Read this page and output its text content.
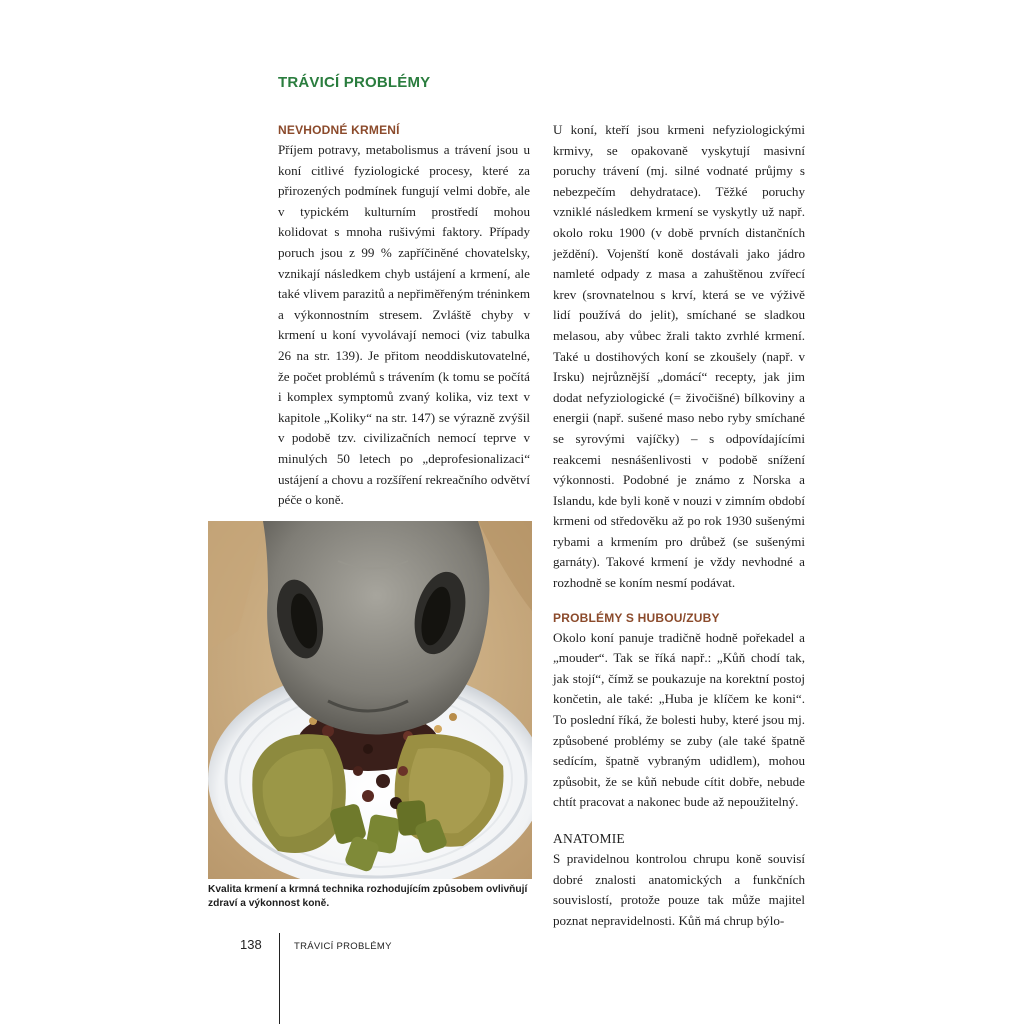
TRÁVICÍ PROBLÉMY
NEVHODNÉ KRMENÍ

Příjem potravy, metabolismus a trávení jsou u koní citlivé fyziologické procesy, které za přirozených podmínek fungují velmi dobře, ale v typickém kulturním prostředí mohou kolidovat s mnoha rušivými faktory. Případy poruch jsou z 99 % zapříčiněné chovatelsky, vznikají následkem chyb ustájení a krmení, ale také vlivem parazitů a nepřiměřeným tréninkem a výkonnostním stresem. Zvláště chyby v krmení u koní vyvolávají nemoci (viz tabulka 26 na str. 139). Je přitom neoddiskutovatelné, že počet problémů s trávením (k tomu se počítá i komplex symptomů zvaný kolika, viz text v kapitole „Koliky“ na str. 147) se výrazně zvýšil v podobě tzv. civilizačních nemocí teprve v minulých 50 letech po „deprofesionalizaci“ ustájení a chovu a rozšíření rekreačního odvětví péče o koně.

Kvalita krmení a krmná technika rozhodujícím způsobem ovlivňují zdraví a výkonnost koně.

U koní, kteří jsou krmeni nefyziologickými krmivy, se opakovaně vyskytují masivní poruchy trávení (mj. silné vodnaté průjmy s nebezpečím dehydratace). Těžké poruchy vzniklé následkem krmení se vyskytly už např. okolo roku 1900 (v době prvních distančních ježdění). Vojenští koně dostávali jako jádro namleté odpady z masa a zahuštěnou zvířecí krev (srovnatelnou s krví, která se ve výživě lidí používá do jelit), smíchané se sladkou melasou, aby vůbec žrali takto zvrhlé krmení. Také u dostihových koní se zkoušely (např. v Irsku) nejrůznější „domácí“ recepty, jak jim dodat nefyziologické (= živočišné) bílkoviny a energii (např. sušené maso nebo ryby smíchané se syrovými vajíčky) – s odpovídajícími reakcemi nesnášenlivosti v podobě snížení výkonnosti. Podobné je známo z Norska a Islandu, kde byli koně v nouzi v zimním období krmeni od středověku až po rok 1930 sušenými rybami a krmením pro drůbež (se sušenými garnáty). Takové krmení je vždy nevhodné a rozhodně se koním nesmí podávat.

PROBLÉMY S HUBOU/ZUBY

Okolo koní panuje tradičně hodně pořekadel a „mouder“. Tak se říká např.: „Kůň chodí tak, jak stojí“, čímž se poukazuje na korektní postoj končetin, ale také: „Huba je klíčem ke koni“. To poslední říká, že bolesti huby, které jsou mj. způsobené problémy se zuby (ale také špatně sedícím, špatně vybraným udidlem), mohou způsobit, že se kůň nebude cítit dobře, nebude chtít pracovat a nakonec bude až nepoužitelný.

ANATOMIE

S pravidelnou kontrolou chrupu koně souvisí dobré znalosti anatomických a funkčních souvislostí, protože pouze tak může majitel poznat nepravidelnosti. Kůň má chrup býlo-

138	TRÁVICÍ PROBLÉMY
